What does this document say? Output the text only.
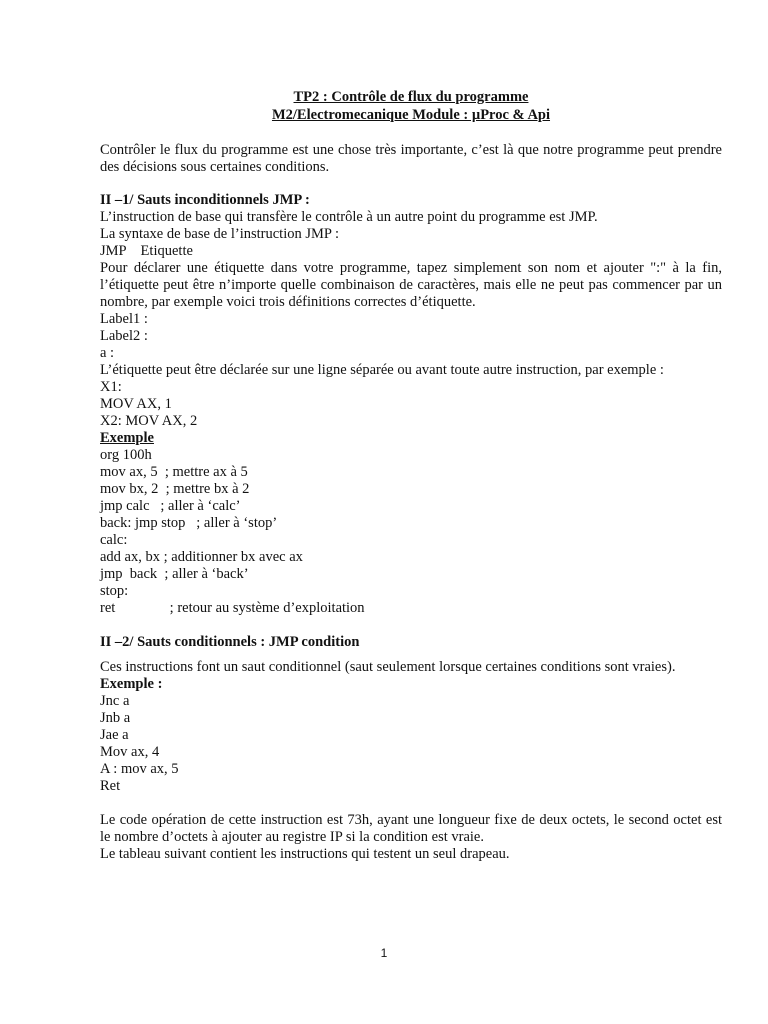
TP2 : Contrôle de flux du programme

M2/Electromecanique Module : µProc & Api

Contrôler le flux du programme est une chose très importante, c’est là que notre programme peut prendre des décisions sous certaines conditions.

II –1/ Sauts inconditionnels JMP :

L’instruction de base qui transfère le contrôle à un autre point du programme est JMP.

La syntaxe de base de l’instruction JMP :

JMP    Etiquette

Pour déclarer une étiquette dans votre programme, tapez simplement son nom et ajouter ":" à la fin, l’étiquette peut être n’importe quelle combinaison de caractères, mais elle ne peut pas commencer par un nombre, par exemple voici trois définitions correctes d’étiquette.

Label1 :

Label2 :

a :

L’étiquette peut être déclarée sur une ligne séparée ou avant toute autre instruction, par exemple :

X1:

MOV AX, 1

X2: MOV AX, 2

Exemple

org 100h

mov ax, 5  ; mettre ax à 5

mov bx, 2  ; mettre bx à 2

jmp calc   ; aller à ‘calc’

back: jmp stop   ; aller à ‘stop’

calc:

add ax, bx ; additionner bx avec ax

jmp  back  ; aller à ‘back’

stop:

ret               ; retour au système d’exploitation

II –2/ Sauts conditionnels : JMP condition

Ces instructions font un saut conditionnel (saut seulement lorsque certaines conditions sont vraies).

Exemple :

Jnc a

Jnb a

Jae a

Mov ax, 4

A : mov ax, 5

Ret

Le code opération de cette instruction est 73h, ayant une longueur fixe de deux octets, le second octet est le nombre d’octets à ajouter au registre IP si la condition est vraie.

Le tableau suivant contient les instructions qui testent un seul drapeau.

1
